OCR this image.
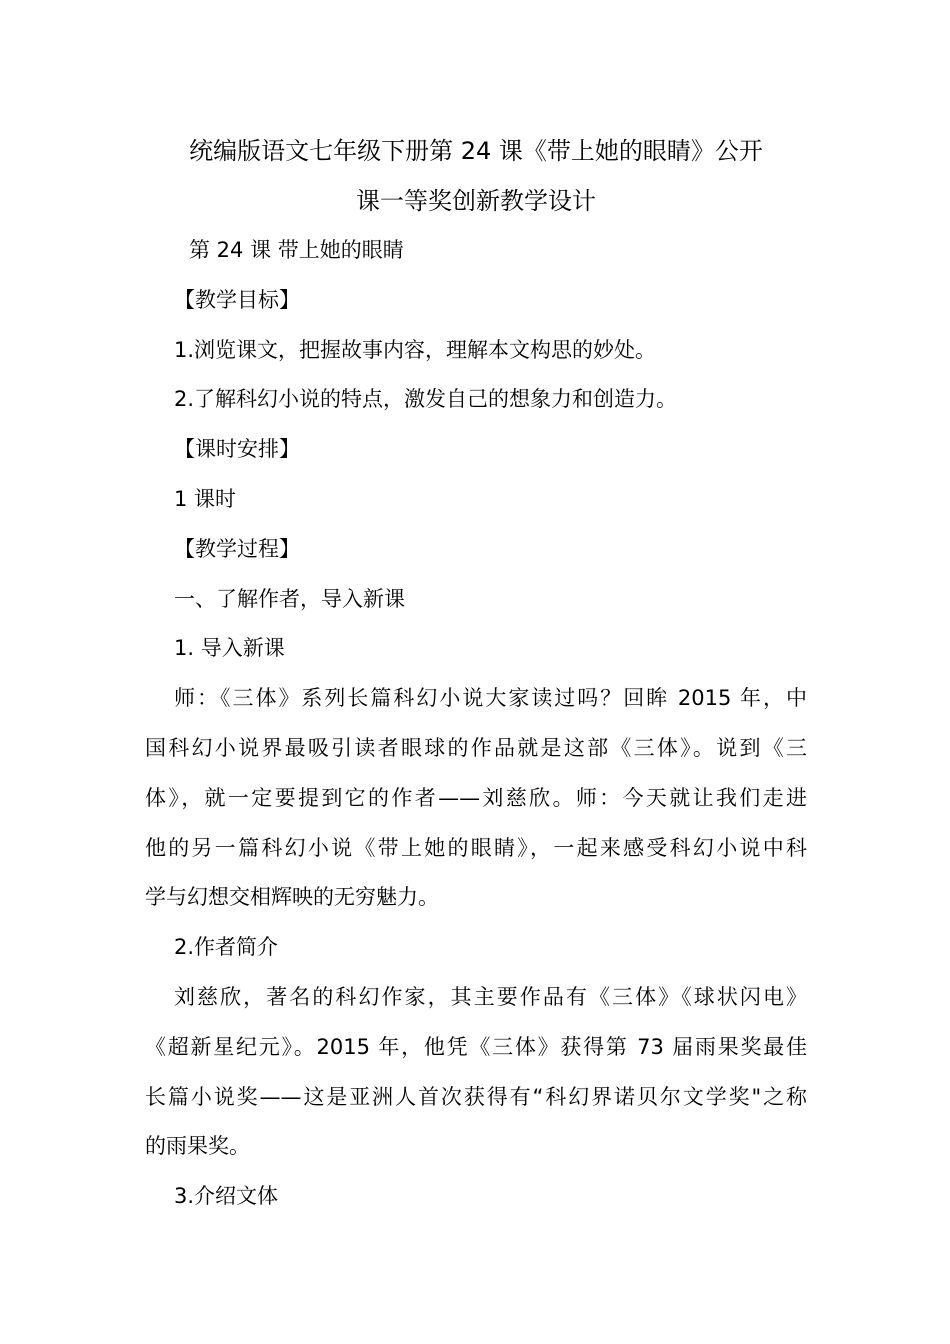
统编版语文七年级下册第 24 课《带上她的眼睛》公开
课一等奖创新教学设计
第 24 课 带上她的眼睛
【教学目标】
1.浏览课文，把握故事内容，理解本文构思的妙处。
2.了解科幻小说的特点，激发自己的想象力和创造力。
【课时安排】
1 课时
【教学过程】
一、了解作者，导入新课
1. 导入新课
师：《三体》系列长篇科幻小说大家读过吗？回眸 2015 年，中
国科幻小说界最吸引读者眼球的作品就是这部《三体》。说到《三
体》，就一定要提到它的作者——刘慈欣。师：今天就让我们走进
他的另一篇科幻小说《带上她的眼睛》，一起来感受科幻小说中科
学与幻想交相辉映的无穷魅力。
2.作者简介
刘慈欣，著名的科幻作家，其主要作品有《三体》《球状闪电》
《超新星纪元》。2015 年，他凭《三体》获得第 73 届雨果奖最佳
长篇小说奖——这是亚洲人首次获得有“科幻界诺贝尔文学奖"之称
的雨果奖。
3.介绍文体
